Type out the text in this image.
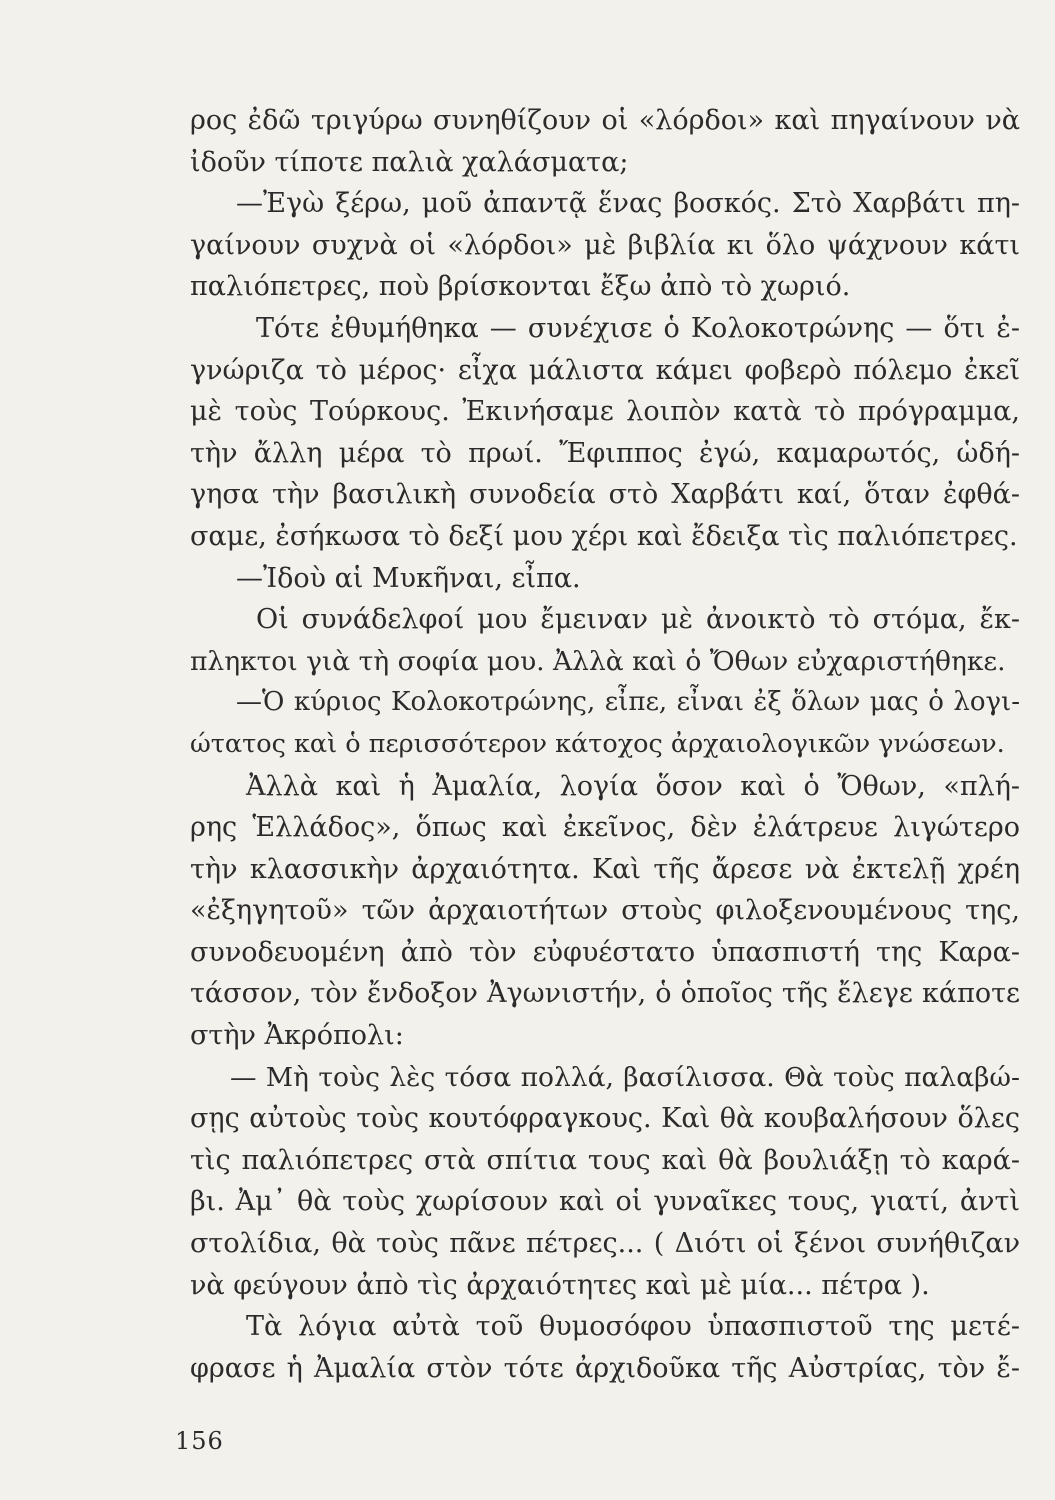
ρος ἐδῶ τριγύρω συνηθίζουν οἱ «λόρδοι» καὶ πηγαίνουν νὰ
ἰδοῦν τίποτε παλιὰ χαλάσματα;
—Ἐγὼ ξέρω, μοῦ ἀπαντᾷ ἕνας βοσκός. Στὸ Χαρβάτι πη-
γαίνουν συχνὰ οἱ «λόρδοι» μὲ βιβλία κι ὅλο ψάχνουν κάτι
παλιόπετρες, ποὺ βρίσκονται ἔξω ἀπὸ τὸ χωριό.
Τότε ἐθυμήθηκα — συνέχισε ὁ Κολοκοτρώνης — ὅτι ἐ-
γνώριζα τὸ μέρος· εἶχα μάλιστα κάμει φοβερὸ πόλεμο ἐκεῖ
μὲ τοὺς Τούρκους. Ἐκινήσαμε λοιπὸν κατὰ τὸ πρόγραμμα,
τὴν ἄλλη μέρα τὸ πρωί. Ἔφιππος ἐγώ, καμαρωτός, ὡδή-
γησα τὴν βασιλικὴ συνοδεία στὸ Χαρβάτι καί, ὅταν ἐφθά-
σαμε, ἐσήκωσα τὸ δεξί μου χέρι καὶ ἔδειξα τὶς παλιόπετρες.
—Ἰδοὺ αἱ Μυκῆναι, εἶπα.
Οἱ συνάδελφοί μου ἔμειναν μὲ ἀνοικτὸ τὸ στόμα, ἔκ-
πληκτοι γιὰ τὴ σοφία μου. Ἀλλὰ καὶ ὁ Ὄθων εὐχαριστήθηκε.
—Ὁ κύριος Κολοκοτρώνης, εἶπε, εἶναι ἐξ ὅλων μας ὁ λογι-
ώτατος καὶ ὁ περισσότερον κάτοχος ἀρχαιολογικῶν γνώσεων.
Ἀλλὰ καὶ ἡ Ἀμαλία, λογία ὅσον καὶ ὁ Ὄθων, «πλή-
ρης Ἑλλάδος», ὅπως καὶ ἐκεῖνος, δὲν ἐλάτρευε λιγώτερο
τὴν κλασσικὴν ἀρχαιότητα. Καὶ τῆς ἄρεσε νὰ ἐκτελῇ χρέη
«ἐξηγητοῦ» τῶν ἀρχαιοτήτων στοὺς φιλοξενουμένους της,
συνοδευομένη ἀπὸ τὸν εὐφυέστατο ὑπασπιστή της Καρα-
τάσσον, τὸν ἔνδοξον Ἀγωνιστήν, ὁ ὁποῖος τῆς ἔλεγε κάποτε
στὴν Ἀκρόπολι:
— Μὴ τοὺς λὲς τόσα πολλά, βασίλισσα. Θὰ τοὺς παλαβώ-
σῃς αὐτοὺς τοὺς κουτόφραγκους. Καὶ θὰ κουβαλήσουν ὅλες
τὶς παλιόπετρες στὰ σπίτια τους καὶ θὰ βουλιάξῃ τὸ καρά-
βι. Ἀμ᾽ θὰ τοὺς χωρίσουν καὶ οἱ γυναῖκες τους, γιατί, ἀντὶ
στολίδια, θὰ τοὺς πᾶνε πέτρες... ( Διότι οἱ ξένοι συνήθιζαν
νὰ φεύγουν ἀπὸ τὶς ἀρχαιότητες καὶ μὲ μία... πέτρα ).
Τὰ λόγια αὐτὰ τοῦ θυμοσόφου ὑπασπιστοῦ της μετέ-
φρασε ἡ Ἀμαλία στὸν τότε ἀρχιδοῦκα τῆς Αὐστρίας, τὸν ἔ-
156
